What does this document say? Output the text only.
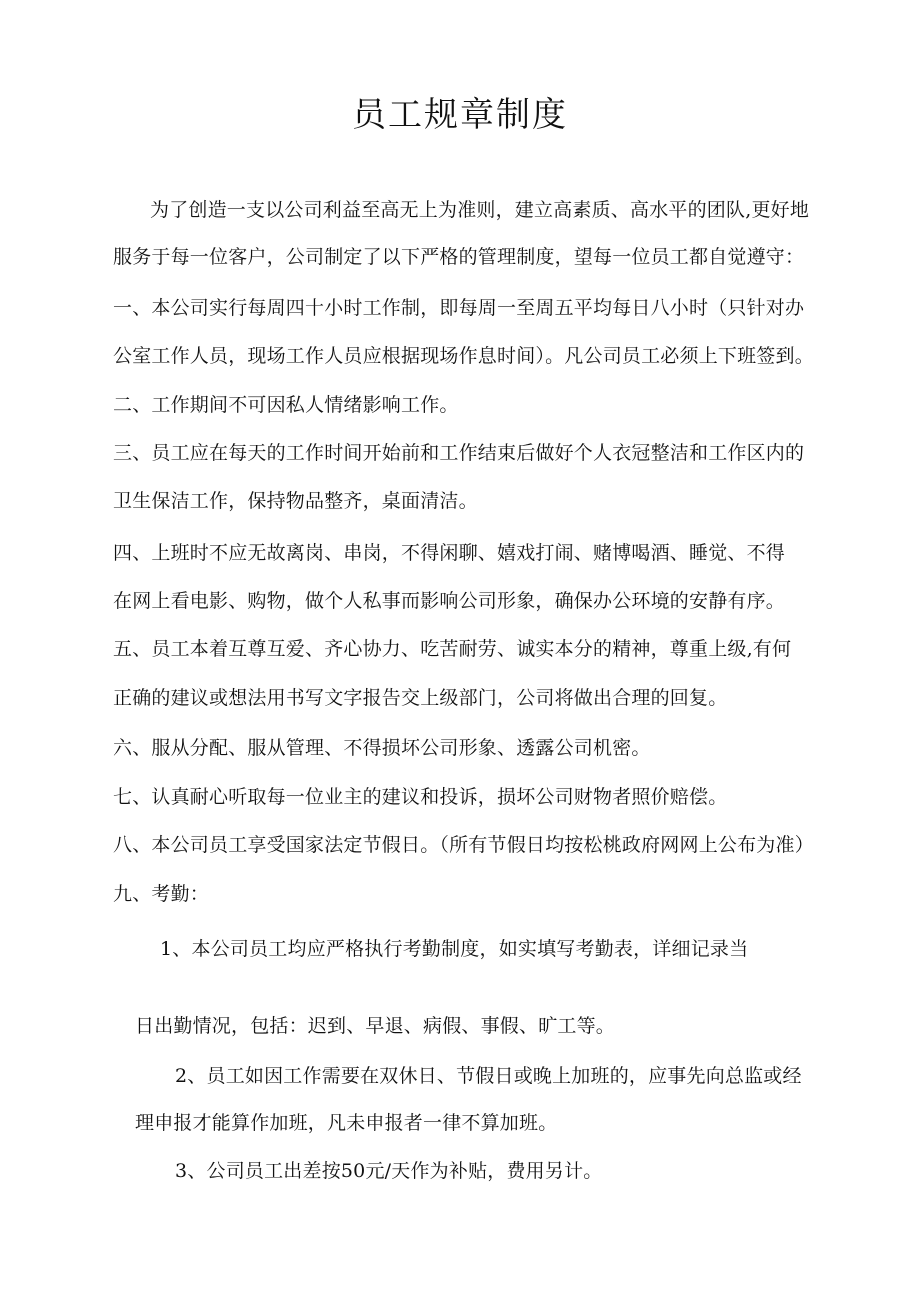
员工规章制度
为了创造一支以公司利益至高无上为准则，建立高素质、高水平的团队,更好地
服务于每一位客户，公司制定了以下严格的管理制度，望每一位员工都自觉遵守：
一、本公司实行每周四十小时工作制，即每周一至周五平均每日八小时（只针对办
公室工作人员，现场工作人员应根据现场作息时间）。凡公司员工必须上下班签到。
二、工作期间不可因私人情绪影响工作。
三、员工应在每天的工作时间开始前和工作结束后做好个人衣冠整洁和工作区内的
卫生保洁工作，保持物品整齐，桌面清洁。
四、上班时不应无故离岗、串岗，不得闲聊、嬉戏打闹、赌博喝酒、睡觉、不得
在网上看电影、购物，做个人私事而影响公司形象，确保办公环境的安静有序。
五、员工本着互尊互爱、齐心协力、吃苦耐劳、诚实本分的精神，尊重上级,有何
正确的建议或想法用书写文字报告交上级部门，公司将做出合理的回复。
六、服从分配、服从管理、不得损坏公司形象、透露公司机密。
七、认真耐心听取每一位业主的建议和投诉，损坏公司财物者照价赔偿。
八、本公司员工享受国家法定节假日。（所有节假日均按松桃政府网网上公布为准）
九、考勤：
1、本公司员工均应严格执行考勤制度，如实填写考勤表，详细记录当
日出勤情况，包括：迟到、早退、病假、事假、旷工等。
2、员工如因工作需要在双休日、节假日或晚上加班的，应事先向总监或经
理申报才能算作加班，凡未申报者一律不算加班。
3、公司员工出差按50元/天作为补贴，费用另计。
